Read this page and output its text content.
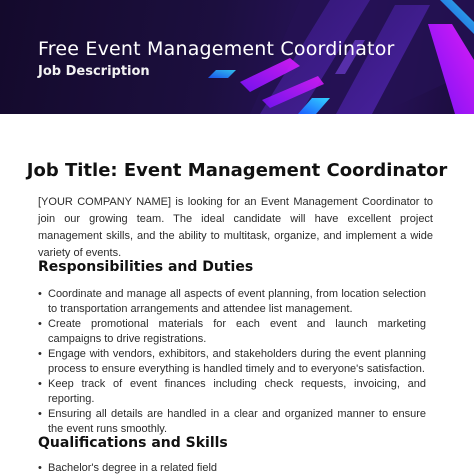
Free Event Management Coordinator
Job Description
Job Title: Event Management Coordinator

[YOUR COMPANY NAME] is looking for an Event Management Coordinator to join our growing team. The ideal candidate will have excellent project management skills, and the ability to multitask, organize, and implement a wide variety of events.

Responsibilities and Duties
• Coordinate and manage all aspects of event planning, from location selection to transportation arrangements and attendee list management.
• Create promotional materials for each event and launch marketing campaigns to drive registrations.
• Engage with vendors, exhibitors, and stakeholders during the event planning process to ensure everything is handled timely and to everyone's satisfaction.
• Keep track of event finances including check requests, invoicing, and reporting.
• Ensuring all details are handled in a clear and organized manner to ensure the event runs smoothly.
Qualifications and Skills
• Bachelor's degree in a related field
